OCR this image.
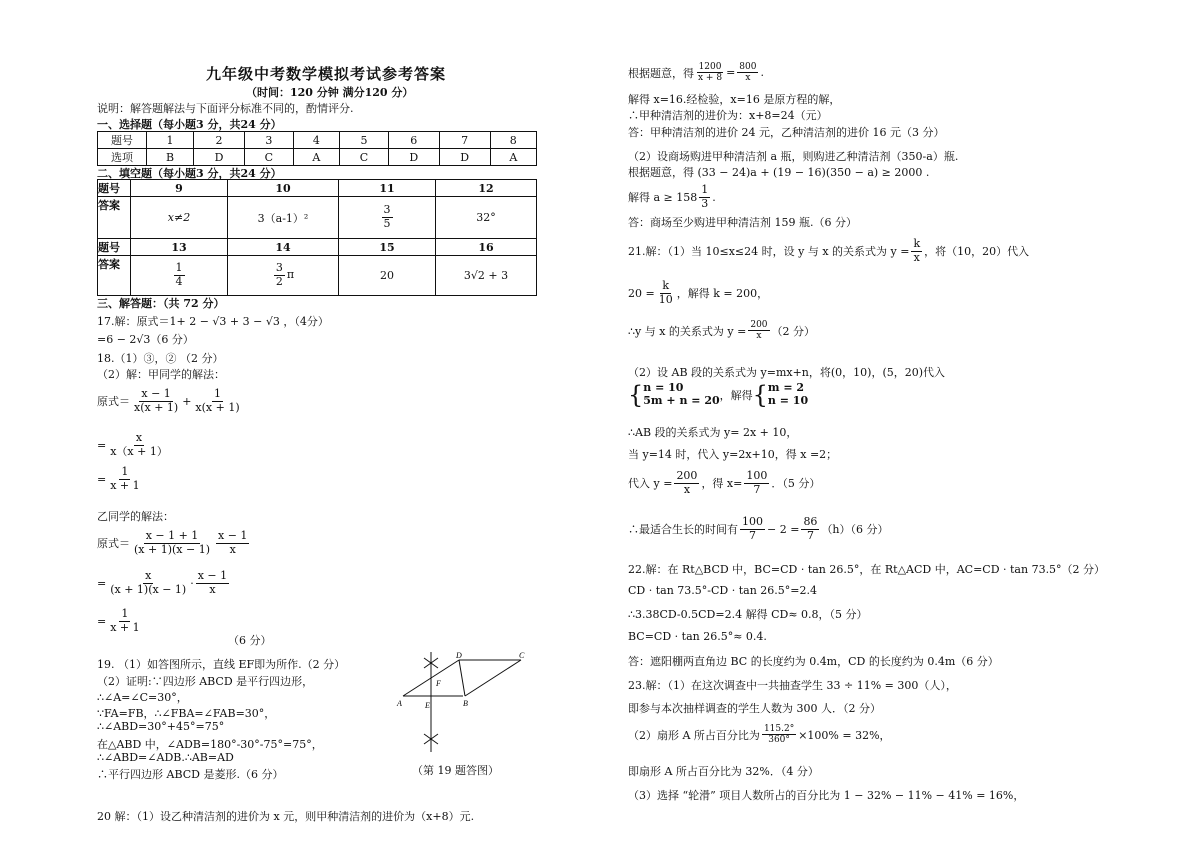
九年级中考数学模拟考试参考答案
（时间：120 分钟 满分120 分）
说明：解答题解法与下面评分标准不同的，酌情评分.
一、选择题（每小题3 分，共24 分）
题号	1	2	3	4	5	6	7	8
选项	B	D	C	A	C	D	D	A
二、填空题（每小题3 分，共24 分）
题号	9	10	11	12
答案	x≠2	3（a-1）²	$\frac{3}{5}$	32°
题号	13	14	15	16
答案	$\frac{1}{4}$	$\frac{3}{2}$ π	20	3√2 + 3
三、解答题：（共 72 分）
17.解：原式＝1+ 2 − √3 + 3 − √3 ，（4分）
=6 − 2√3（6 分）
18.（1）③，② （2 分）
（2）解：甲同学的解法：
原式＝ $\frac{x - 1}{x(x + 1)} + \frac{1}{x(x + 1)}$
= $\frac{x}{x(x + 1)}$
= $\frac{1}{x + 1}$
乙同学的解法：
原式＝ $\frac{x - 1 + 1}{(x + 1)(x - 1)} \frac{x - 1}{x}$
= $\frac{x}{(x + 1)(x - 1)} \cdot \frac{x - 1}{x}$
= $\frac{1}{x + 1}$
（6 分）
19. （1）如答图所示，直线 EF即为所作.（2 分）
（2）证明:∵四边形 ABCD 是平行四边形，
∴∠A=∠C=30°，
∵FA=FB，∴∠FBA=∠FAB=30°，
∴∠ABD=30°+45°=75°
在△ABD 中，∠ADB=180°-30°-75°=75°，
∴∠ABD=∠ADB.∴AB=AD
∴平行四边形 ABCD 是菱形.（6 分）
A	B
C
D
E
F
（第 19 题答图）
20 解：（1）设乙种清洁剂的进价为 x 元，则甲种清洁剂的进价为（x+8）元.
根据题意，得 $\frac{1200}{x + 8} = \frac{800}{x}$ .
解得 x=16.经检验，x=16 是原方程的解，
∴甲种清洁剂的进价为：x+8=24（元）
答：甲种清洁剂的进价 24 元，乙种清洁剂的进价 16 元（3 分）
（2）设商场购进甲种清洁剂 a 瓶，则购进乙种清洁剂（350-a）瓶.
根据题意，得 (33 − 24)a + (19 − 16)(350 − a) ≥ 2000 .
解得 $a \ge 158 \frac{1}{3}$ .
答：商场至少购进甲种清洁剂 159 瓶.（6 分）
21.解：（1）当 10≤x≤24 时，设 y 与 x 的关系式为 $y = \frac{k}{x}$ ，将（10，20）代入
$20 = \frac{k}{10}$ ，解得 k = 200，
∴y 与 x 的关系式为 $y = \frac{200}{x} (2$ 分）
（2）设 AB 段的关系式为 y=mx+n，将(0，10)，(5，20)代入
{ n = 10
5m + n = 20 ，解得 { m = 2
n = 10
∴AB 段的关系式为 y= 2x + 10，
当 y=14 时，代入 y=2x+10，得 x =2；
代入 $y = \frac{200}{x}$ ，得 $x= \frac{100}{7}$ ．（5 分）
∴最适合生长的时间有 $\frac{100}{7} - 2 = \frac{86}{7} (h)(6$ 分）
22.解：在 Rt△BCD 中，BC=CD · tan 26.5°，在 Rt△ACD 中，AC=CD · tan 73.5°（2 分）
CD · tan 73.5°-CD · tan 26.5°=2.4
∴3.38CD-0.5CD=2.4 解得 CD≈ 0.8，（5 分）
BC=CD · tan 26.5°≈ 0.4.
答：遮阳棚两直角边 BC 的长度约为 0.4m，CD 的长度约为 0.4m（6 分）
23.解：（1）在这次调查中一共抽查学生 33 ÷ 11% = 300（人），
即参与本次抽样调查的学生人数为 300 人．（2 分）
（2）扇形 A 所占百分比为 $\frac{115.2^\circ}{360^\circ} \times 100\% = 32\%$，
即扇形 A 所占百分比为 32%．（4 分）
（3）选择 “轮滑” 项目人数所占的百分比为 1 − 32% − 11% − 41% = 16%，
